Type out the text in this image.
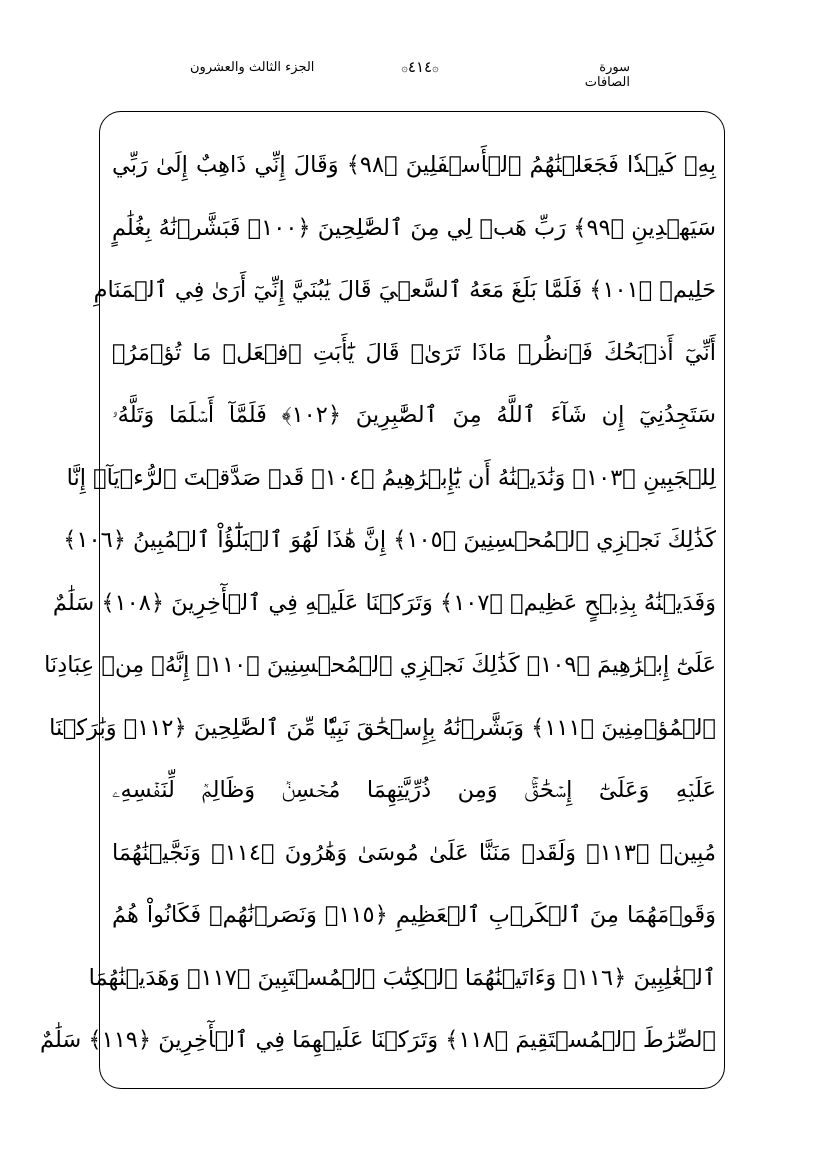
الجزء الثالث والعشرون	۞٤١٤۞	سورة الصافات
بِهِۦ كَيۡدٗا فَجَعَلۡنَٰهُمُ ٱلۡأَسۡفَلِينَ ﴿٩٨﴾ وَقَالَ إِنِّي ذَاهِبٌ إِلَىٰ رَبِّي
سَيَهۡدِينِ ﴿٩٩﴾ رَبِّ هَبۡ لِي مِنَ ٱلصَّٰلِحِينَ ﴿١٠٠﴾ فَبَشَّرۡنَٰهُ بِغُلَٰمٍ
حَلِيمٖ ﴿١٠١﴾ فَلَمَّا بَلَغَ مَعَهُ ٱلسَّعۡيَ قَالَ يَٰبُنَيَّ إِنِّيٓ أَرَىٰ فِي ٱلۡمَنَامِ
أَنِّيٓ أَذۡبَحُكَ فَٱنظُرۡ مَاذَا تَرَىٰۚ قَالَ يَٰٓأَبَتِ ٱفۡعَلۡ مَا تُؤۡمَرُۖ
سَتَجِدُنِيٓ إِن شَآءَ ٱللَّهُ مِنَ ٱلصَّٰبِرِينَ ﴿١٠٢﴾ فَلَمَّآ أَسۡلَمَا وَتَلَّهُۥ
لِلۡجَبِينِ ﴿١٠٣﴾ وَنَٰدَيۡنَٰهُ أَن يَٰٓإِبۡرَٰهِيمُ ﴿١٠٤﴾ قَدۡ صَدَّقۡتَ ٱلرُّءۡيَآۚ إِنَّا
كَذَٰلِكَ نَجۡزِي ٱلۡمُحۡسِنِينَ ﴿١٠٥﴾ إِنَّ هَٰذَا لَهُوَ ٱلۡبَلَٰٓؤُاْ ٱلۡمُبِينُ ﴿١٠٦﴾
وَفَدَيۡنَٰهُ بِذِبۡحٍ عَظِيمٖ ﴿١٠٧﴾ وَتَرَكۡنَا عَلَيۡهِ فِي ٱلۡأٓخِرِينَ ﴿١٠٨﴾ سَلَٰمٌ
عَلَىٰٓ إِبۡرَٰهِيمَ ﴿١٠٩﴾ كَذَٰلِكَ نَجۡزِي ٱلۡمُحۡسِنِينَ ﴿١١٠﴾ إِنَّهُۥ مِنۡ عِبَادِنَا
ٱلۡمُؤۡمِنِينَ ﴿١١١﴾ وَبَشَّرۡنَٰهُ بِإِسۡحَٰقَ نَبِيّٗا مِّنَ ٱلصَّٰلِحِينَ ﴿١١٢﴾ وَبَٰرَكۡنَا
عَلَيۡهِ وَعَلَىٰٓ إِسۡحَٰقَۚ وَمِن ذُرِّيَّتِهِمَا مُحۡسِنٞ وَظَالِمٞ لِّنَفۡسِهِۦ
مُبِينٞ ﴿١١٣﴾ وَلَقَدۡ مَنَنَّا عَلَىٰ مُوسَىٰ وَهَٰرُونَ ﴿١١٤﴾ وَنَجَّيۡنَٰهُمَا
وَقَوۡمَهُمَا مِنَ ٱلۡكَرۡبِ ٱلۡعَظِيمِ ﴿١١٥﴾ وَنَصَرۡنَٰهُمۡ فَكَانُواْ هُمُ
ٱلۡغَٰلِبِينَ ﴿١١٦﴾ وَءَاتَيۡنَٰهُمَا ٱلۡكِتَٰبَ ٱلۡمُسۡتَبِينَ ﴿١١٧﴾ وَهَدَيۡنَٰهُمَا
ٱلصِّرَٰطَ ٱلۡمُسۡتَقِيمَ ﴿١١٨﴾ وَتَرَكۡنَا عَلَيۡهِمَا فِي ٱلۡأٓخِرِينَ ﴿١١٩﴾ سَلَٰمٌ
